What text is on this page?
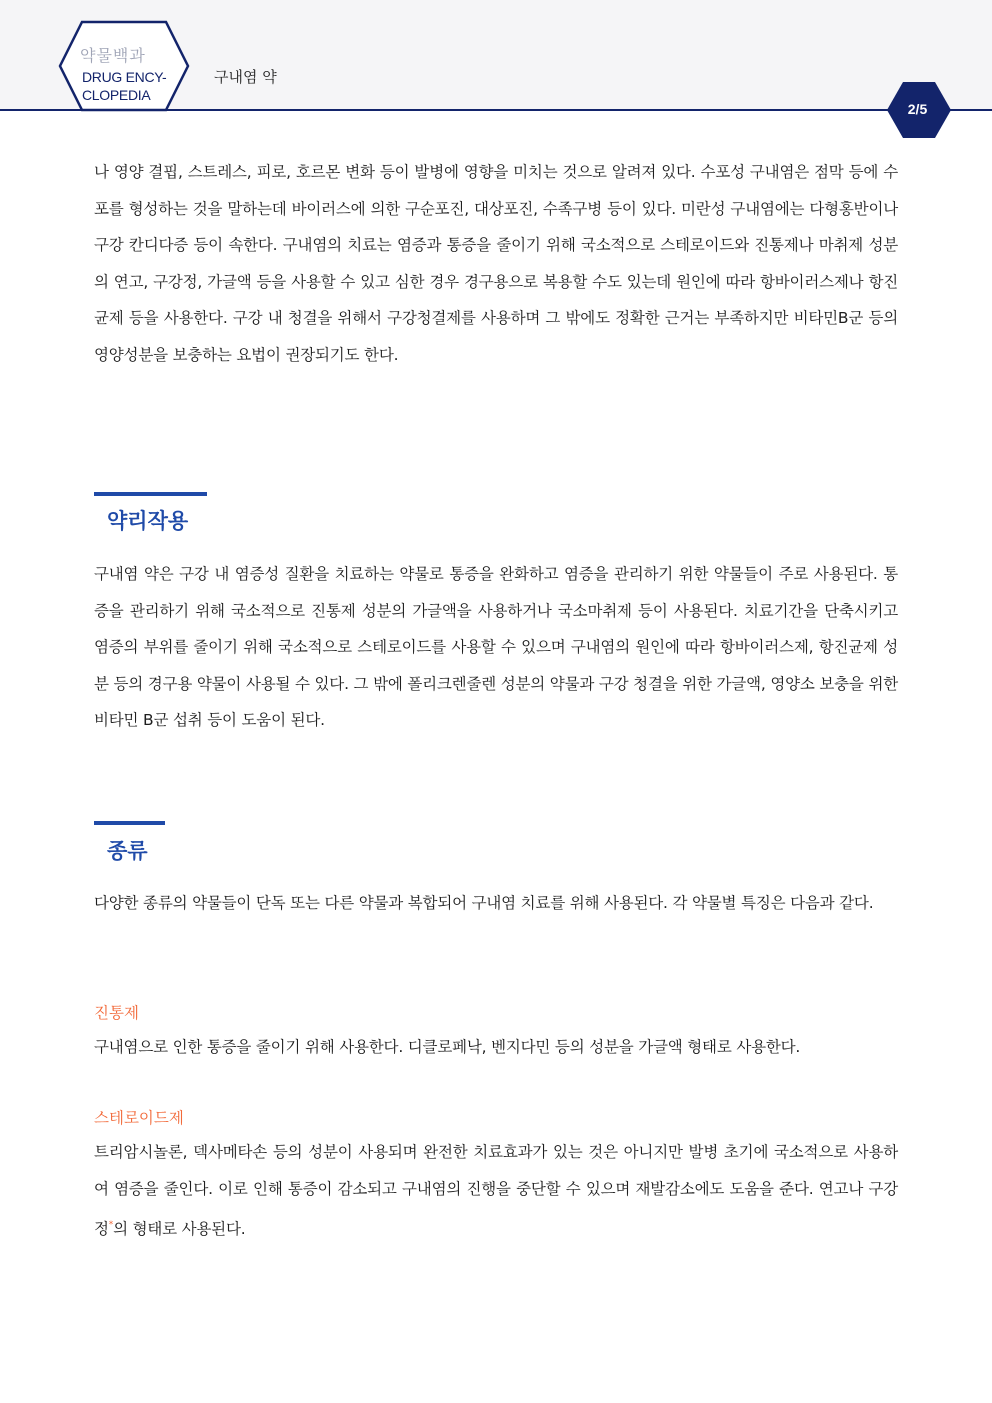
약물백과
DRUG ENCY-
CLOPEDIA
구내염 약
2/5

나 영양 결핍, 스트레스, 피로, 호르몬 변화 등이 발병에 영향을 미치는 것으로 알려져 있다. 수포성 구내염은 점막 등에 수포를 형성하는 것을 말하는데 바이러스에 의한 구순포진, 대상포진, 수족구병 등이 있다. 미란성 구내염에는 다형홍반이나 구강 칸디다증 등이 속한다. 구내염의 치료는 염증과 통증을 줄이기 위해 국소적으로 스테로이드와 진통제나 마취제 성분의 연고, 구강정, 가글액 등을 사용할 수 있고 심한 경우 경구용으로 복용할 수도 있는데 원인에 따라 항바이러스제나 항진균제 등을 사용한다. 구강 내 청결을 위해서 구강청결제를 사용하며 그 밖에도 정확한 근거는 부족하지만 비타민B군 등의 영양성분을 보충하는 요법이 권장되기도 한다.

약리작용

구내염 약은 구강 내 염증성 질환을 치료하는 약물로 통증을 완화하고 염증을 관리하기 위한 약물들이 주로 사용된다. 통증을 관리하기 위해 국소적으로 진통제 성분의 가글액을 사용하거나 국소마취제 등이 사용된다. 치료기간을 단축시키고 염증의 부위를 줄이기 위해 국소적으로 스테로이드를 사용할 수 있으며 구내염의 원인에 따라 항바이러스제, 항진균제 성분 등의 경구용 약물이 사용될 수 있다. 그 밖에 폴리크렌줄렌 성분의 약물과 구강 청결을 위한 가글액, 영양소 보충을 위한 비타민 B군 섭취 등이 도움이 된다.

종류

다양한 종류의 약물들이 단독 또는 다른 약물과 복합되어 구내염 치료를 위해 사용된다. 각 약물별 특징은 다음과 같다.

진통제

구내염으로 인한 통증을 줄이기 위해 사용한다. 디클로페낙, 벤지다민 등의 성분을 가글액 형태로 사용한다.

스테로이드제

트리암시놀론, 덱사메타손 등의 성분이 사용되며 완전한 치료효과가 있는 것은 아니지만 발병 초기에 국소적으로 사용하여 염증을 줄인다. 이로 인해 통증이 감소되고 구내염의 진행을 중단할 수 있으며 재발감소에도 도움을 준다. 연고나 구강정*의 형태로 사용된다.
